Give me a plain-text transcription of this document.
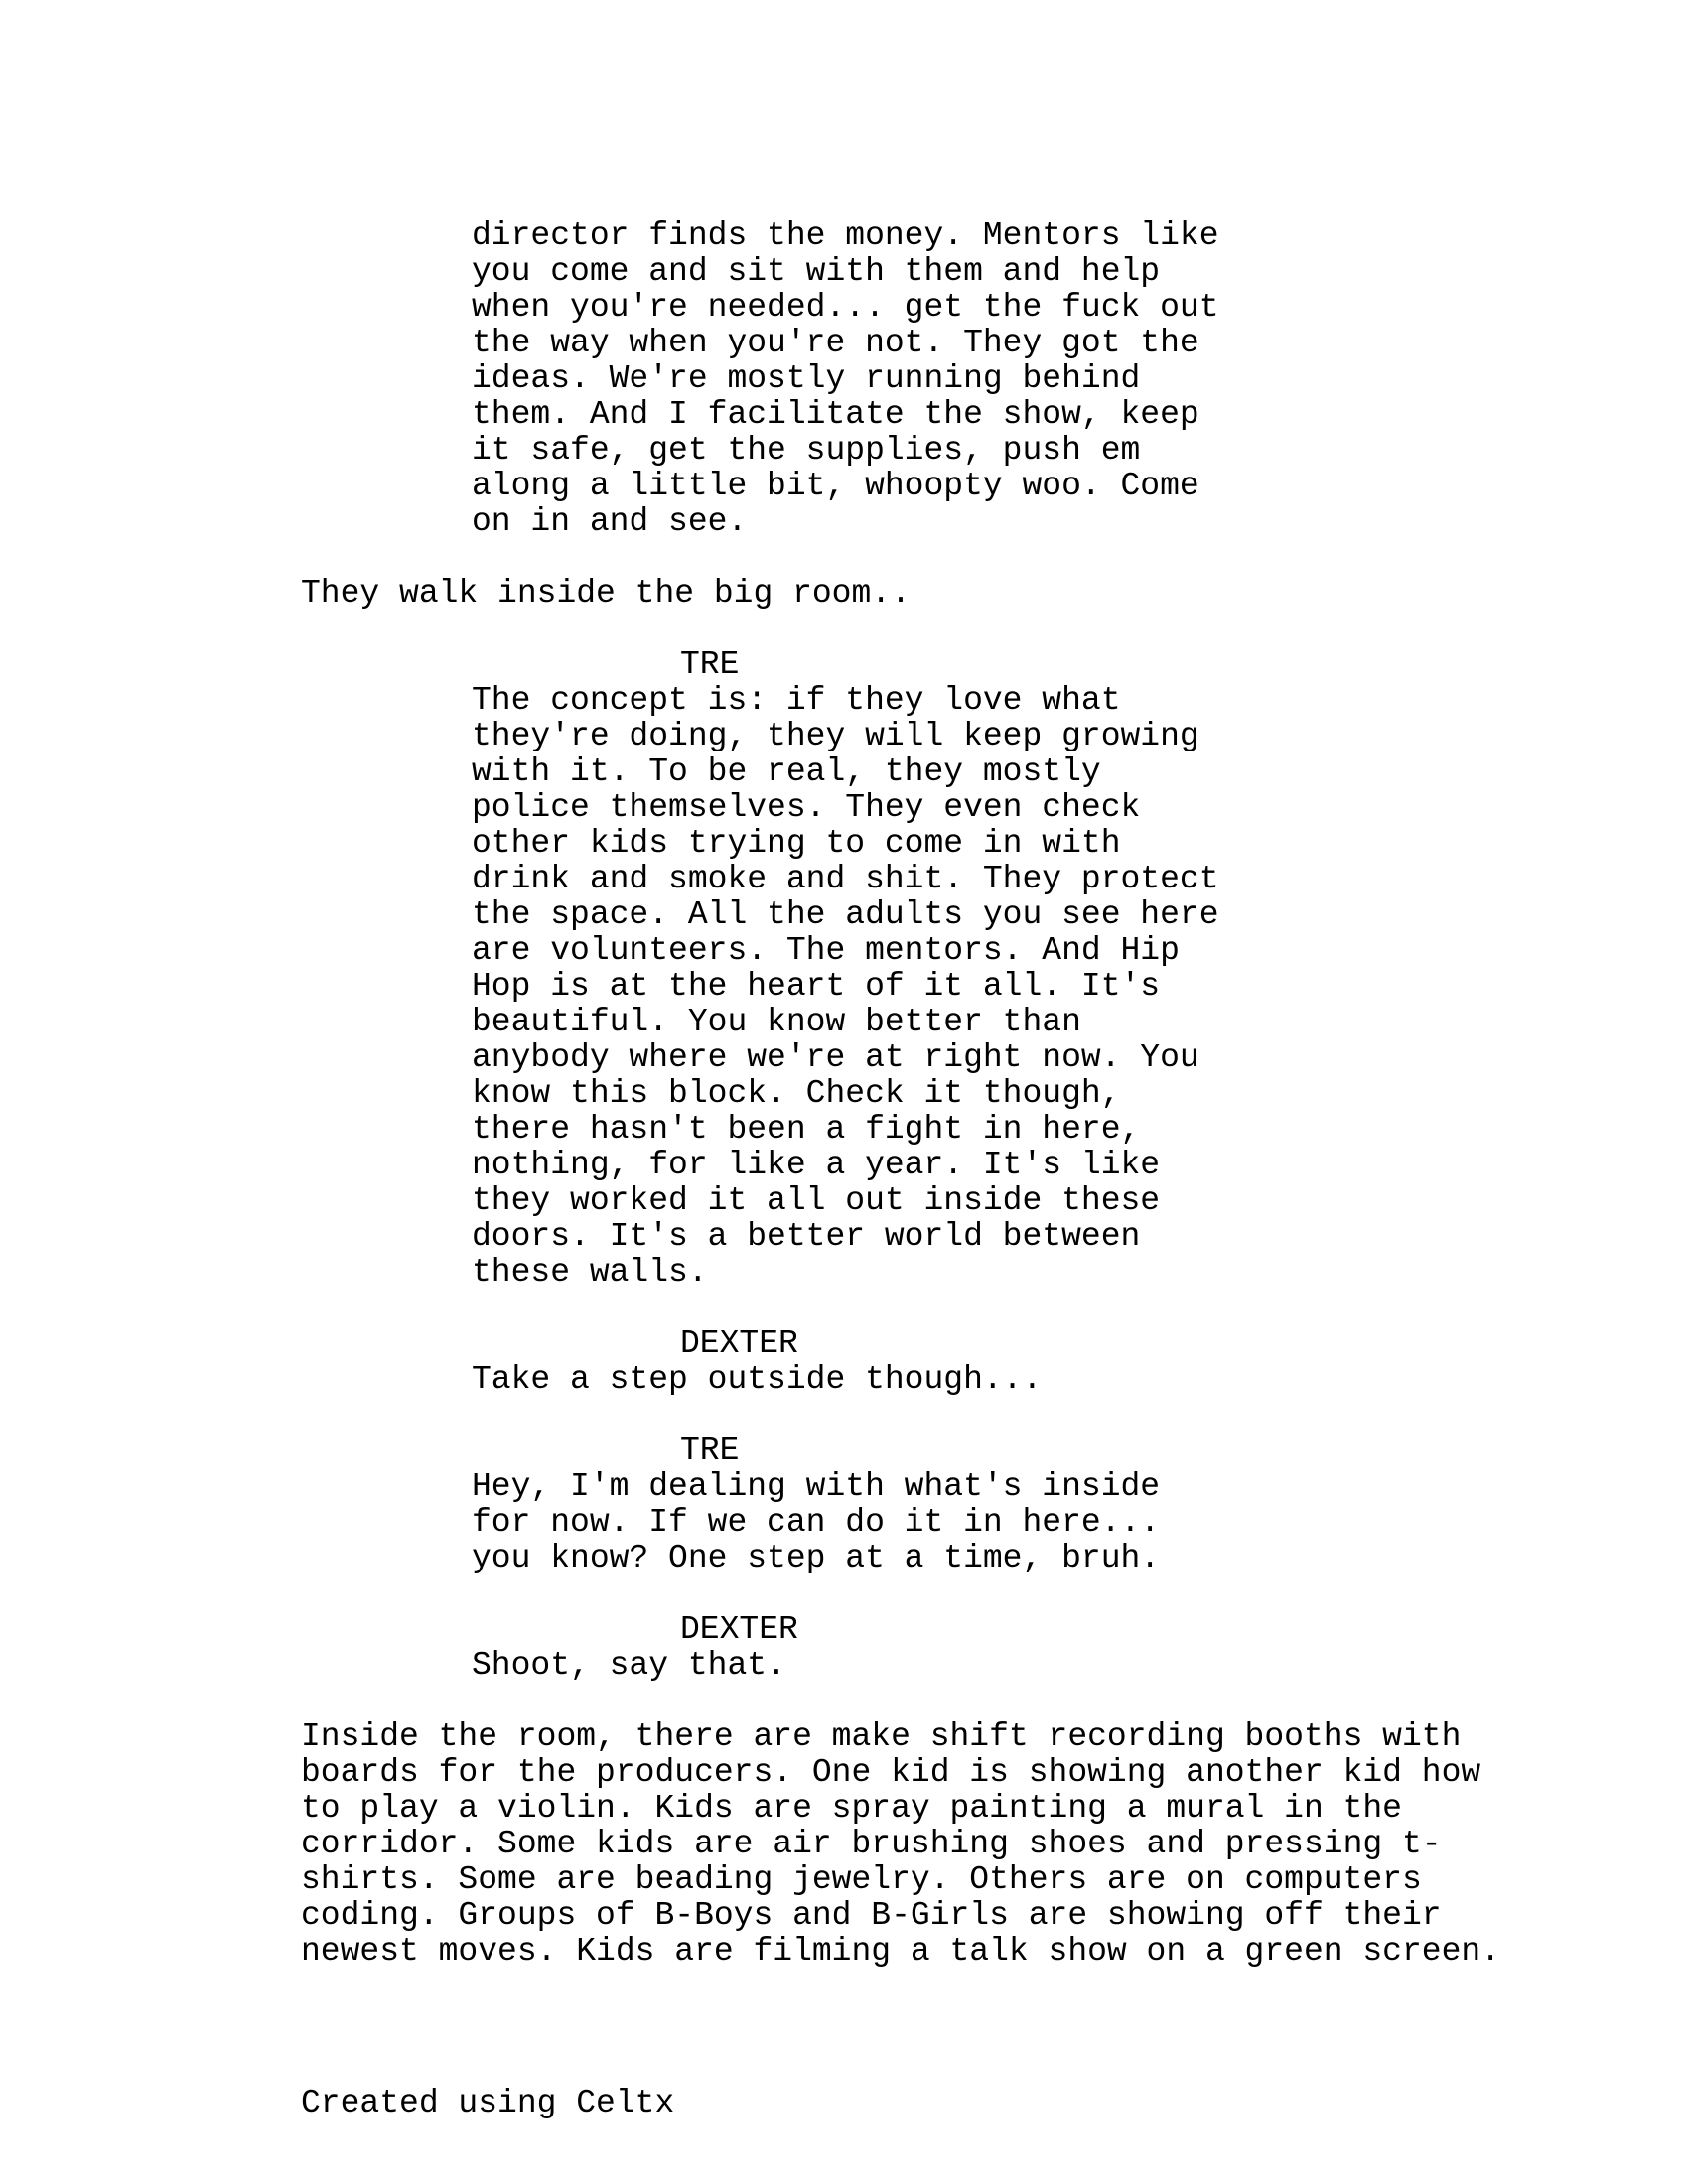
director finds the money. Mentors like
you come and sit with them and help
when you're needed... get the fuck out
the way when you're not. They got the
ideas. We're mostly running behind
them. And I facilitate the show, keep
it safe, get the supplies, push em
along a little bit, whoopty woo. Come
on in and see.
They walk inside the big room..
TRE
The concept is: if they love what
they're doing, they will keep growing
with it. To be real, they mostly
police themselves. They even check
other kids trying to come in with
drink and smoke and shit. They protect
the space. All the adults you see here
are volunteers. The mentors. And Hip
Hop is at the heart of it all. It's
beautiful. You know better than
anybody where we're at right now. You
know this block. Check it though,
there hasn't been a fight in here,
nothing, for like a year. It's like
they worked it all out inside these
doors. It's a better world between
these walls.
DEXTER
Take a step outside though...
TRE
Hey, I'm dealing with what's inside
for now. If we can do it in here...
you know? One step at a time, bruh.
DEXTER
Shoot, say that.
Inside the room, there are make shift recording booths with
boards for the producers. One kid is showing another kid how
to play a violin. Kids are spray painting a mural in the
corridor. Some kids are air brushing shoes and pressing t-
shirts. Some are beading jewelry. Others are on computers
coding. Groups of B-Boys and B-Girls are showing off their
newest moves. Kids are filming a talk show on a green screen.
Created using Celtx
